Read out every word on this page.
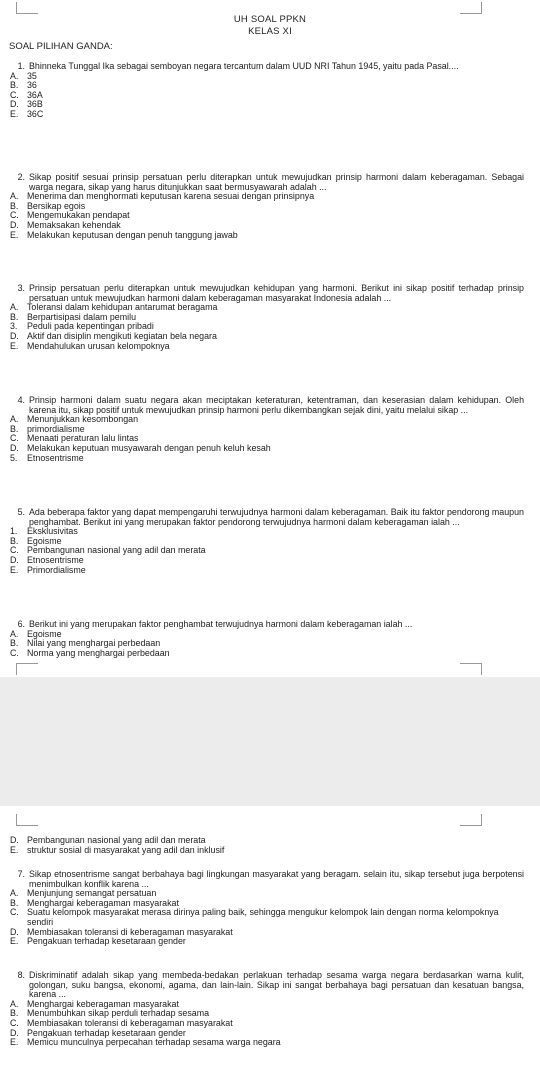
UH SOAL PPKN
KELAS XI
SOAL PILIHAN GANDA:
1. Bhinneka Tunggal Ika sebagai semboyan negara tercantum dalam UUD NRI Tahun 1945, yaitu pada Pasal....
A. 35
B. 36
C. 36A
D. 36B
E. 36C
2. Sikap positif sesuai prinsip persatuan perlu diterapkan untuk mewujudkan prinsip harmoni dalam keberagaman. Sebagai warga negara, sikap yang harus ditunjukkan saat bermusyawarah adalah ...
A. Menerima dan menghormati keputusan karena sesuai dengan prinsipnya
B. Bersikap egois
C. Mengemukakan pendapat
D. Memaksakan kehendak
E. Melakukan keputusan dengan penuh tanggung jawab
3. Prinsip persatuan perlu diterapkan untuk mewujudkan kehidupan yang harmoni. Berikut ini sikap positif terhadap prinsip persatuan untuk mewujudkan harmoni dalam keberagaman masyarakat Indonesia adalah ...
A. Toleransi dalam kehidupan antarumat beragama
B. Berpartisipasi dalam pemilu
3.	Peduli pada kepentingan pribadi
D. Aktif dan disiplin mengikuti kegiatan bela negara
E. Mendahulukan urusan kelompoknya
4. Prinsip harmoni dalam suatu negara akan meciptakan keteraturan, ketentraman, dan keserasian dalam kehidupan. Oleh karena itu, sikap positif untuk mewujudkan prinsip harmoni perlu dikembangkan sejak dini, yaitu melalui sikap ...
A. Menunjukkan kesombongan
B. primordialisme
C. Menaati peraturan lalu lintas
D. Melakukan keputuan musyawarah dengan penuh keluh kesah
5.	Etnosentrisme
5. Ada beberapa faktor yang dapat mempengaruhi terwujudnya harmoni dalam keberagaman. Baik itu faktor pendorong maupun penghambat. Berikut ini yang merupakan faktor pendorong terwujudnya harmoni dalam keberagaman ialah ...
1.	Eksklusivitas
B. Egoisme
C. Pembangunan nasional yang adil dan merata
D. Etnosentrisme
E. Primordialisme
6. Berikut ini yang merupakan faktor penghambat terwujudnya harmoni dalam keberagaman ialah ...
A. Egoisme
B. Nilai yang menghargai perbedaan
C. Norma yang menghargai perbedaan
D. Pembangunan nasional yang adil dan merata
E. struktur sosial di masyarakat yang adil dan inklusif
7. Sikap etnosentrisme sangat berbahaya bagi lingkungan masyarakat yang beragam. selain itu, sikap tersebut juga berpotensi menimbulkan konflik karena ...
A. Menjunjung semangat persatuan
B. Menghargai keberagaman masyarakat
C. Suatu kelompok masyarakat merasa dirinya paling baik, sehingga mengukur kelompok lain dengan norma kelompoknya sendiri
D. Membiasakan toleransi di keberagaman masyarakat
E. Pengakuan terhadap kesetaraan gender
8. Diskriminatif adalah sikap yang membeda-bedakan perlakuan terhadap sesama warga negara berdasarkan warna kulit, golongan, suku bangsa, ekonomi, agama, dan lain-lain. Sikap ini sangat berbahaya bagi persatuan dan kesatuan bangsa, karena ...
A. Menghargai keberagaman masyarakat
B. Menumbuhkan sikap perduli terhadap sesama
C. Membiasakan toleransi di keberagaman masyarakat
D. Pengakuan terhadap kesetaraan gender
E. Memicu munculnya perpecahan terhadap sesama warga negara
